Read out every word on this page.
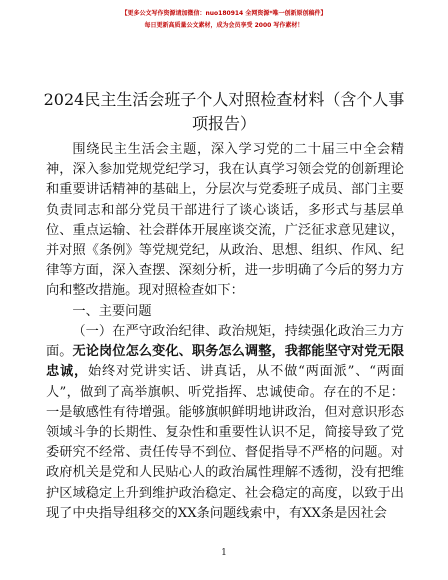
【更多公文写作资源请加微信：nuo180914 全网资源*唯一创新原创稿件】
每日更新高质量公文素材，成为会员享受 2000 写作素材！
2024民主生活会班子个人对照检查材料（含个人事项报告）

围绕民主生活会主题，深入学习党的二十届三中全会精神，深入参加党规党纪学习，我在认真学习领会党的创新理论和重要讲话精神的基础上，分层次与党委班子成员、部门主要负责同志和部分党员干部进行了谈心谈话，多形式与基层单位、重点运输、社会群体开展座谈交流，广泛征求意见建议，并对照《条例》等党规党纪，从政治、思想、组织、作风、纪律等方面，深入查摆、深刻分析，进一步明确了今后的努力方向和整改措施。现对照检查如下：

一、主要问题

（一）在严守政治纪律、政治规矩，持续强化政治三力方面。无论岗位怎么变化、职务怎么调整，我都能坚守对党无限忠诚，始终对党讲实话、讲真话，从不做“两面派”、“两面人”，做到了高举旗帜、听党指挥、忠诚使命。存在的不足：一是敏感性有待增强。能够旗帜鲜明地讲政治，但对意识形态领域斗争的长期性、复杂性和重要性认识不足，简接导致了党委研究不经常、责任传导不到位、督促指导不严格的问题。对政府机关是党和人民贴心人的政治属性理解不透彻，没有把维护区域稳定上升到维护政治稳定、社会稳定的高度，以致于出现了中央指导组移交的XX条问题线索中，有XX条是因社会

1
